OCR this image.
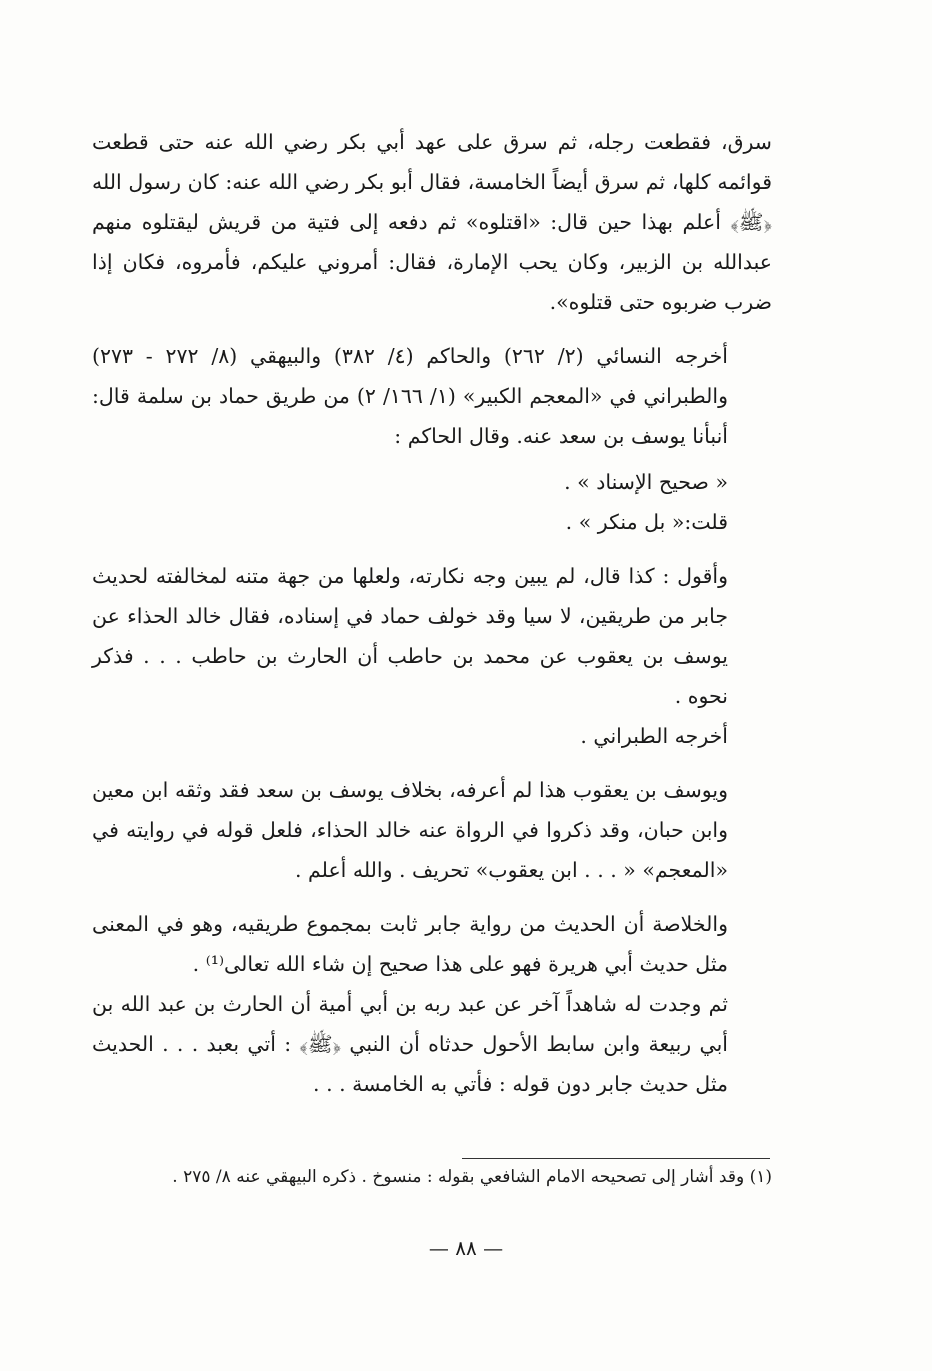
سرق، فقطعت رجله، ثم سرق على عهد أبي بكر رضي الله عنه حتى قطعت قوائمه كلها، ثم سرق أيضاً الخامسة، فقال أبو بكر رضي الله عنه: كان رسول الله ﴿ﷺ﴾ أعلم بهذا حين قال: «اقتلوه» ثم دفعه إلى فتية من قريش ليقتلوه منهم عبدالله بن الزبير، وكان يحب الإمارة، فقال: أمروني عليكم، فأمروه، فكان إذا ضرب ضربوه حتى قتلوه».

أخرجه النسائي (٢/ ٢٦٢) والحاكم (٤/ ٣٨٢) والبيهقي (٨/ ٢٧٢ - ٢٧٣) والطبراني في «المعجم الكبير» (١/ ١٦٦/ ٢) من طريق حماد بن سلمة قال: أنبأنا يوسف بن سعد عنه. وقال الحاكم :

« صحيح الإسناد » .

قلت:« بل منكر » .

وأقول : كذا قال، لم يبين وجه نكارته، ولعلها من جهة متنه لمخالفته لحديث جابر من طريقين، لا سيا وقد خولف حماد في إسناده، فقال خالد الحذاء عن يوسف بن يعقوب عن محمد بن حاطب أن الحارث بن حاطب . . . فذكر نحوه .

أخرجه الطبراني .

ويوسف بن يعقوب هذا لم أعرفه، بخلاف يوسف بن سعد فقد وثقه ابن معين وابن حبان، وقد ذكروا في الرواة عنه خالد الحذاء، فلعل قوله في روايته في «المعجم» « . . . ابن يعقوب» تحريف . والله أعلم .

والخلاصة أن الحديث من رواية جابر ثابت بمجموع طريقيه، وهو في المعنى مثل حديث أبي هريرة فهو على هذا صحيح إن شاء الله تعالى⁽¹⁾ .

ثم وجدت له شاهداً آخر عن عبد ربه بن أبي أمية أن الحارث بن عبد الله بن أبي ربيعة وابن سابط الأحول حدثاه أن النبي ﴿ﷺ﴾ : أتي بعبد . . . الحديث مثل حديث جابر دون قوله : فأتي به الخامسة . . .

(١) وقد أشار إلى تصحيحه الامام الشافعي بقوله : منسوخ . ذكره البيهقي عنه ٨/ ٢٧٥ .
— ٨٨ —
